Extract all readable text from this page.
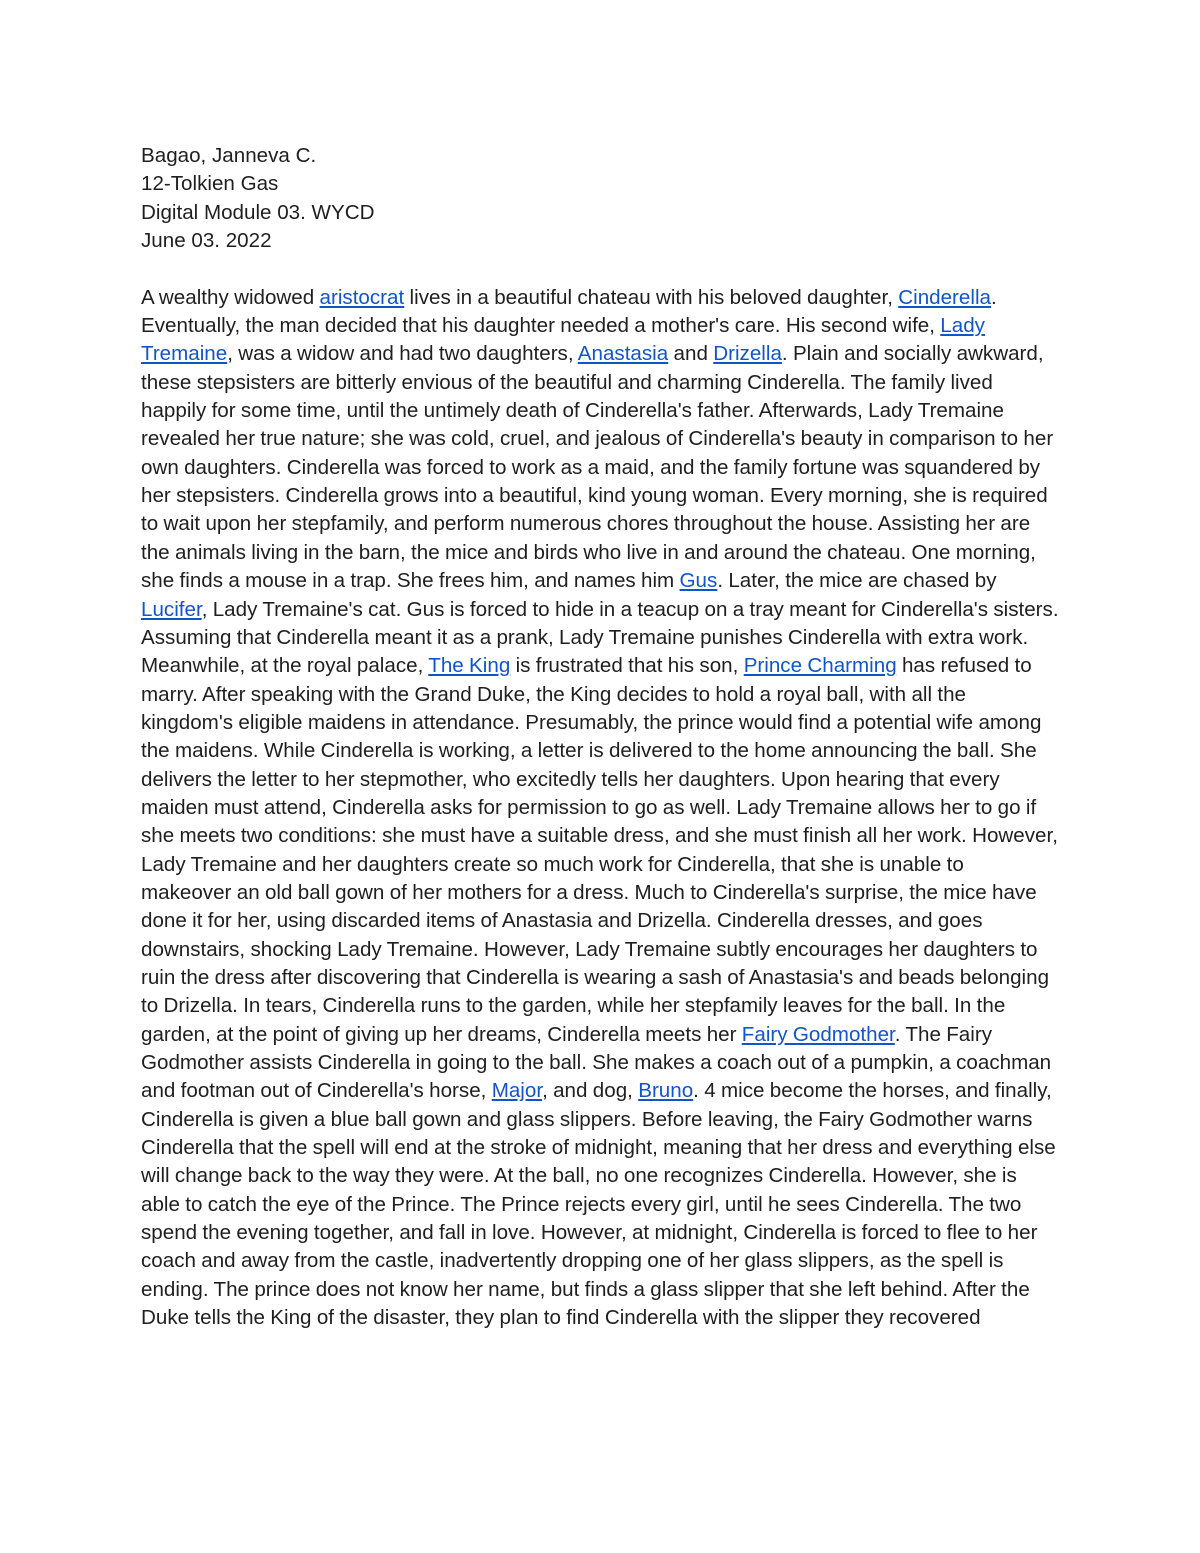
Bagao, Janneva C.
12-Tolkien Gas
Digital Module 03. WYCD
June 03. 2022

A wealthy widowed aristocrat lives in a beautiful chateau with his beloved daughter, Cinderella. Eventually, the man decided that his daughter needed a mother's care. His second wife, Lady Tremaine, was a widow and had two daughters, Anastasia and Drizella. Plain and socially awkward, these stepsisters are bitterly envious of the beautiful and charming Cinderella. The family lived happily for some time, until the untimely death of Cinderella's father. Afterwards, Lady Tremaine revealed her true nature; she was cold, cruel, and jealous of Cinderella's beauty in comparison to her own daughters. Cinderella was forced to work as a maid, and the family fortune was squandered by her stepsisters. Cinderella grows into a beautiful, kind young woman. Every morning, she is required to wait upon her stepfamily, and perform numerous chores throughout the house. Assisting her are the animals living in the barn, the mice and birds who live in and around the chateau. One morning, she finds a mouse in a trap. She frees him, and names him Gus. Later, the mice are chased by Lucifer, Lady Tremaine's cat. Gus is forced to hide in a teacup on a tray meant for Cinderella's sisters. Assuming that Cinderella meant it as a prank, Lady Tremaine punishes Cinderella with extra work. Meanwhile, at the royal palace, The King is frustrated that his son, Prince Charming has refused to marry. After speaking with the Grand Duke, the King decides to hold a royal ball, with all the kingdom's eligible maidens in attendance. Presumably, the prince would find a potential wife among the maidens. While Cinderella is working, a letter is delivered to the home announcing the ball. She delivers the letter to her stepmother, who excitedly tells her daughters. Upon hearing that every maiden must attend, Cinderella asks for permission to go as well. Lady Tremaine allows her to go if she meets two conditions: she must have a suitable dress, and she must finish all her work. However, Lady Tremaine and her daughters create so much work for Cinderella, that she is unable to makeover an old ball gown of her mothers for a dress. Much to Cinderella's surprise, the mice have done it for her, using discarded items of Anastasia and Drizella. Cinderella dresses, and goes downstairs, shocking Lady Tremaine. However, Lady Tremaine subtly encourages her daughters to ruin the dress after discovering that Cinderella is wearing a sash of Anastasia's and beads belonging to Drizella. In tears, Cinderella runs to the garden, while her stepfamily leaves for the ball. In the garden, at the point of giving up her dreams, Cinderella meets her Fairy Godmother. The Fairy Godmother assists Cinderella in going to the ball. She makes a coach out of a pumpkin, a coachman and footman out of Cinderella's horse, Major, and dog, Bruno. 4 mice become the horses, and finally, Cinderella is given a blue ball gown and glass slippers. Before leaving, the Fairy Godmother warns Cinderella that the spell will end at the stroke of midnight, meaning that her dress and everything else will change back to the way they were. At the ball, no one recognizes Cinderella. However, she is able to catch the eye of the Prince. The Prince rejects every girl, until he sees Cinderella. The two spend the evening together, and fall in love. However, at midnight, Cinderella is forced to flee to her coach and away from the castle, inadvertently dropping one of her glass slippers, as the spell is ending. The prince does not know her name, but finds a glass slipper that she left behind. After the Duke tells the King of the disaster, they plan to find Cinderella with the slipper they recovered
